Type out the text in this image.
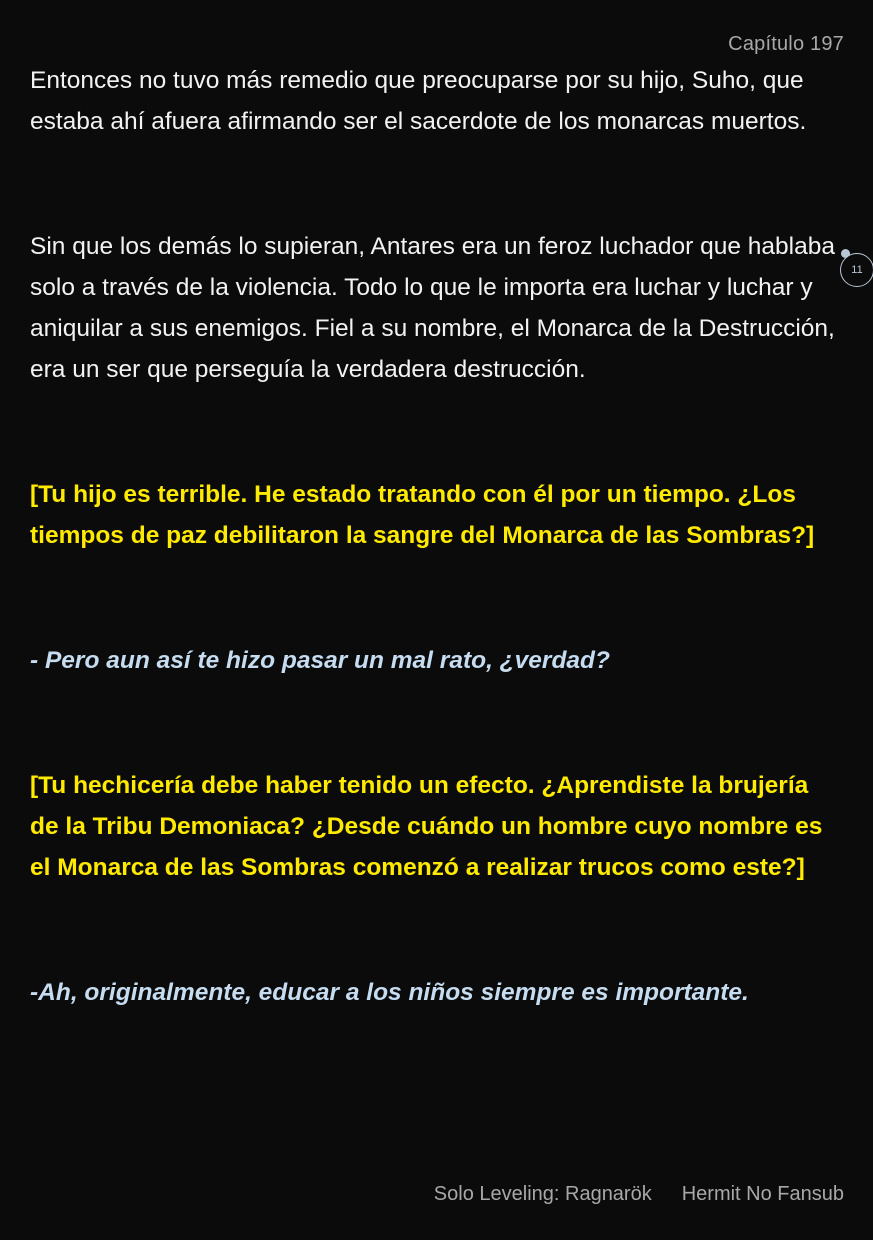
Capítulo 197

Entonces no tuvo más remedio que preocuparse por su hijo, Suho, que estaba ahí afuera afirmando ser el sacerdote de los monarcas muertos.

Sin que los demás lo supieran, Antares era un feroz luchador que hablaba solo a través de la violencia. Todo lo que le importa era luchar y luchar y aniquilar a sus enemigos. Fiel a su nombre, el Monarca de la Destrucción, era un ser que perseguía la verdadera destrucción.

[Tu hijo es terrible. He estado tratando con él por un tiempo. ¿Los tiempos de paz debilitaron la sangre del Monarca de las Sombras?]

- Pero aun así te hizo pasar un mal rato, ¿verdad?

[Tu hechicería debe haber tenido un efecto. ¿Aprendiste la brujería de la Tribu Demoniaca? ¿Desde cuándo un hombre cuyo nombre es el Monarca de las Sombras comenzó a realizar trucos como este?]

-Ah, originalmente, educar a los niños siempre es importante.

11
Solo Leveling: Ragnarök Hermit No Fansub
